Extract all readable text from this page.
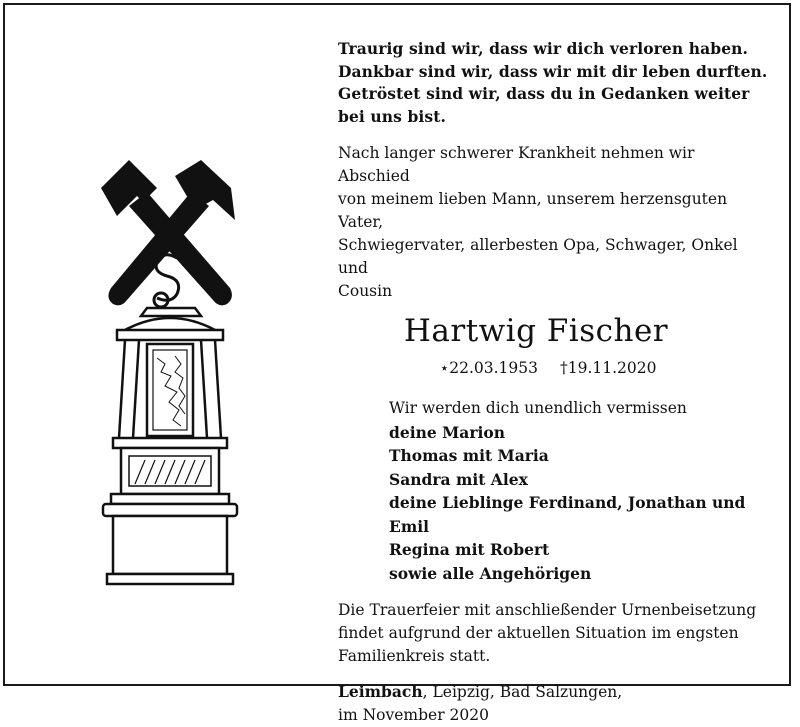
Traurig sind wir, dass wir dich verloren haben.

Dankbar sind wir, dass wir mit dir leben durften.

Getröstet sind wir, dass du in Gedanken weiter

bei uns bist.

Nach langer schwerer Krankheit nehmen wir Abschied

von meinem lieben Mann, unserem herzensguten Vater,

Schwiegervater, allerbesten Opa, Schwager, Onkel und

Cousin

Hartwig Fischer
⋆22.03.1953 †19.11.2020

Wir werden dich unendlich vermissen

deine Marion

Thomas mit Maria

Sandra mit Alex

deine Lieblinge Ferdinand, Jonathan und Emil

Regina mit Robert

sowie alle Angehörigen

Die Trauerfeier mit anschließender Urnenbeisetzung

findet aufgrund der aktuellen Situation im engsten

Familienkreis statt.

Leimbach, Leipzig, Bad Salzungen,

im November 2020
